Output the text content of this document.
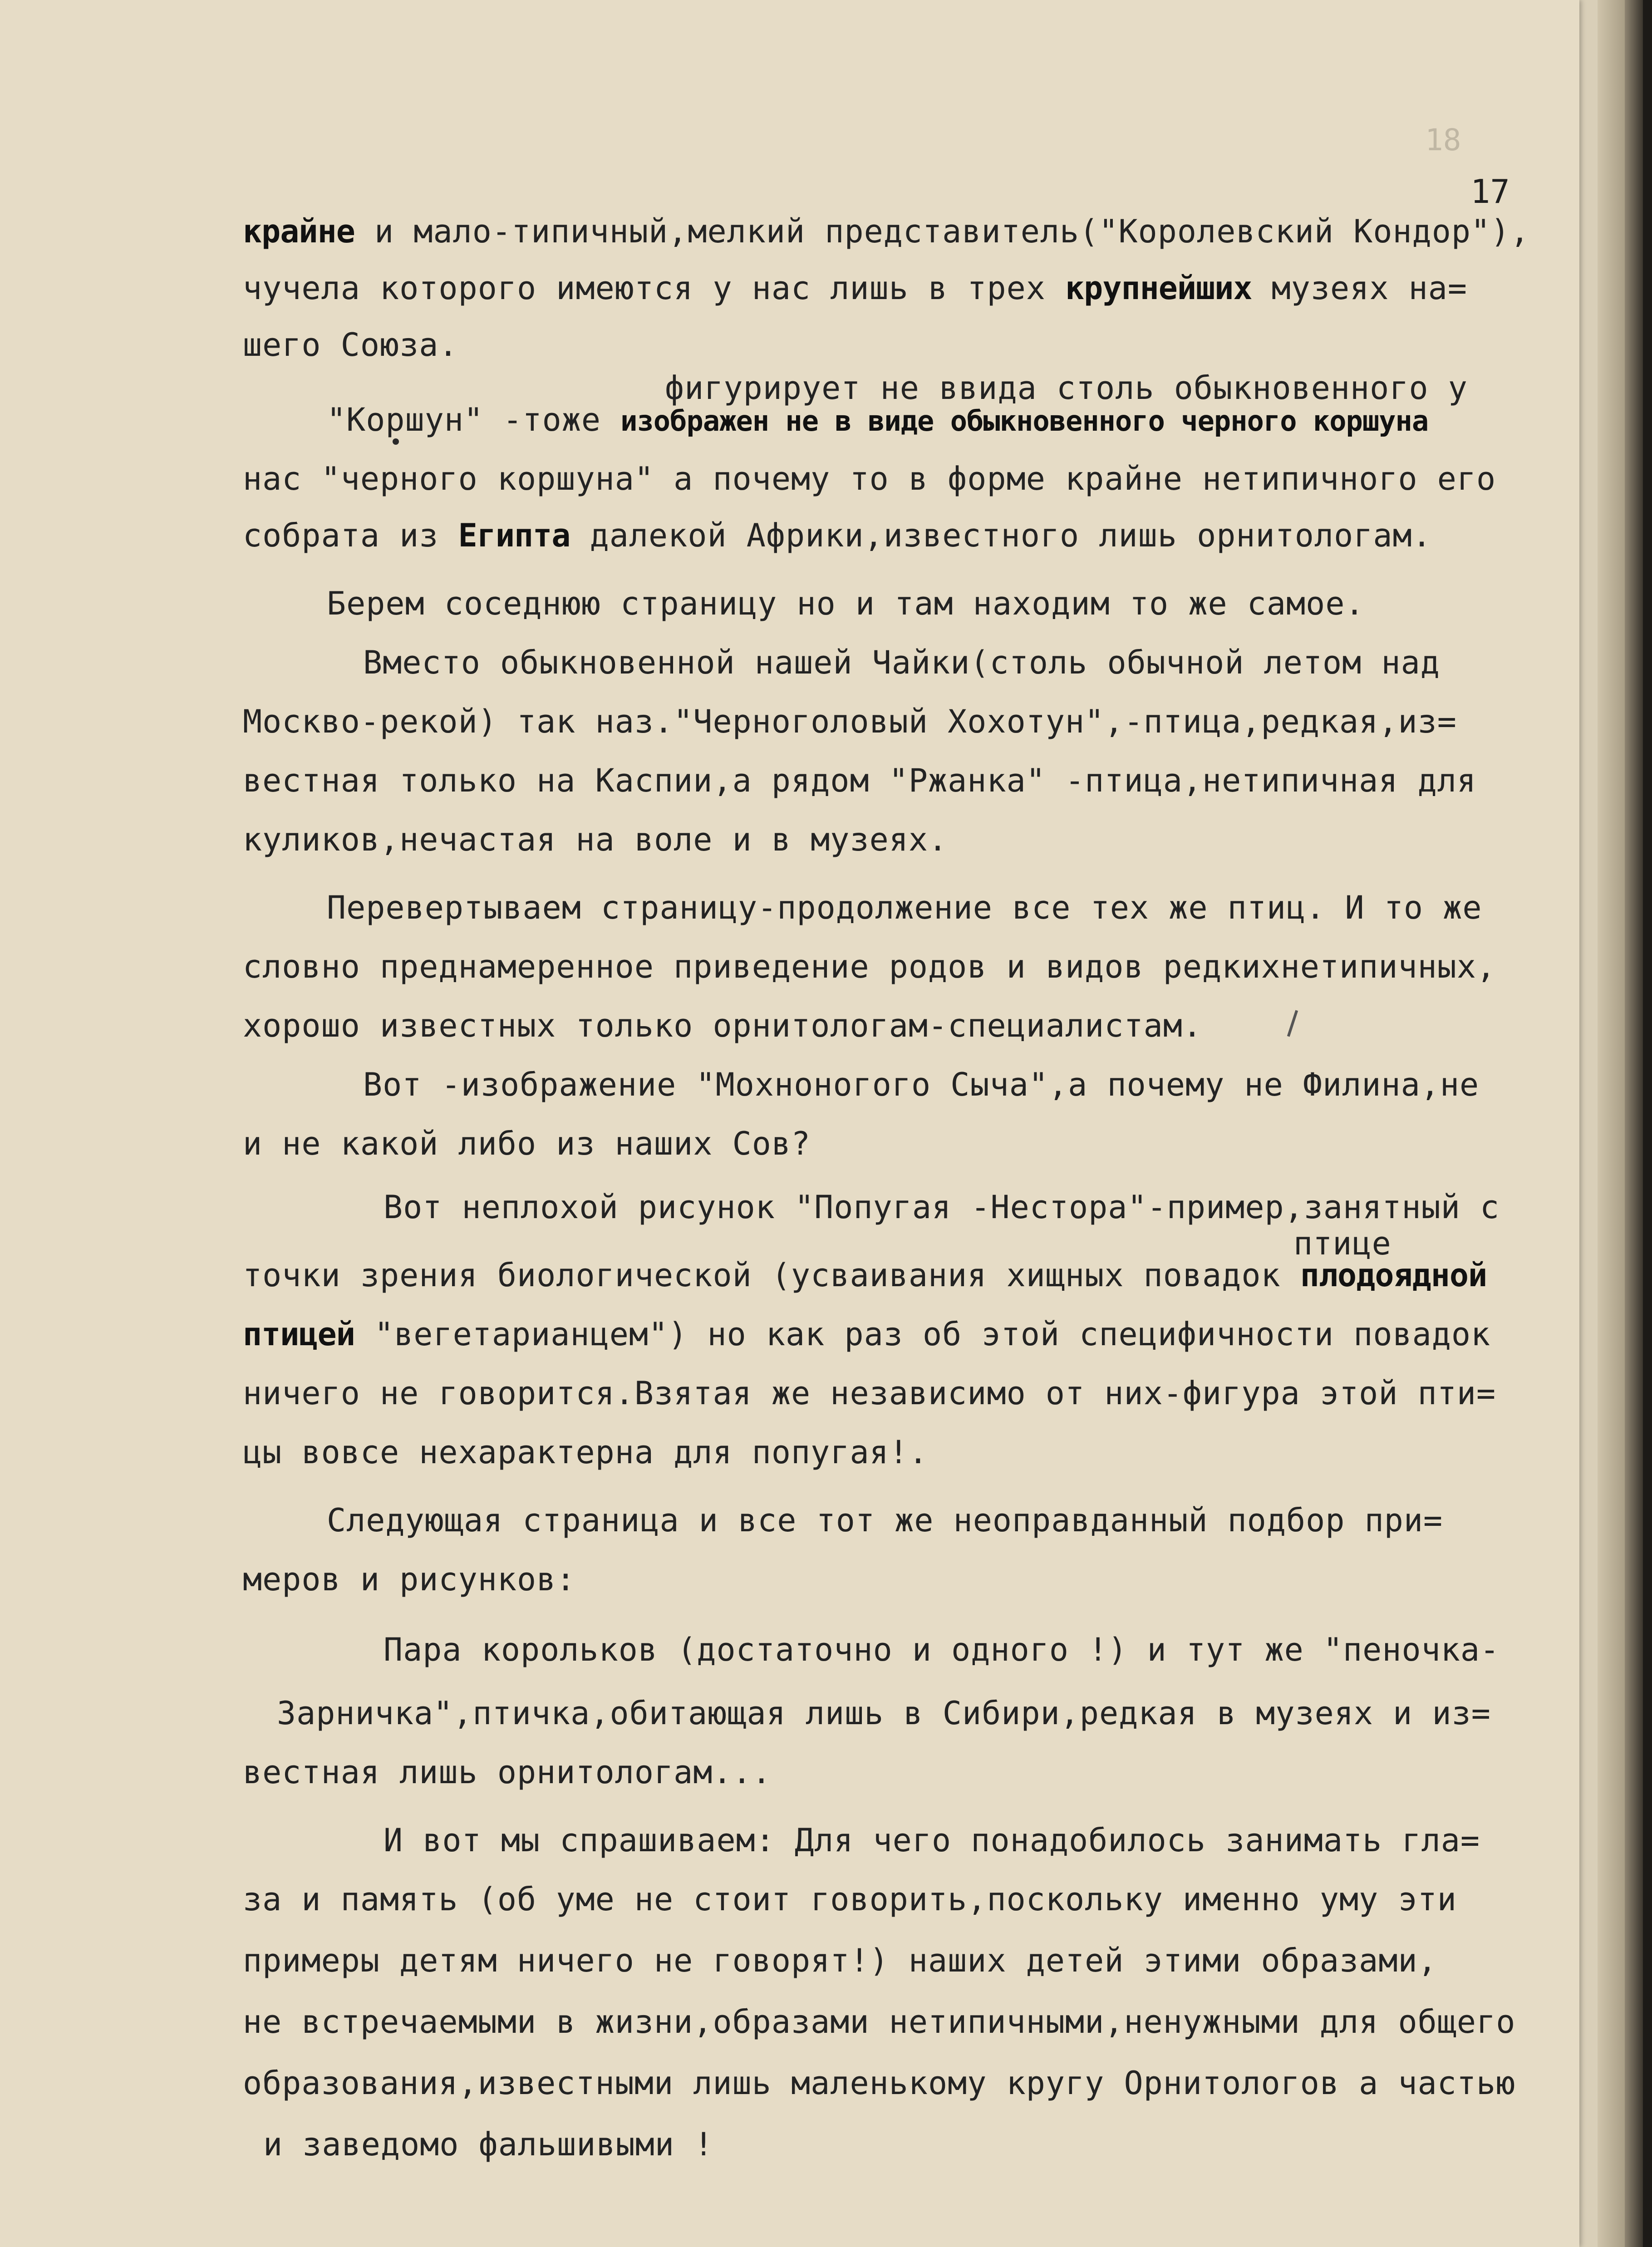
18
17
крайне и мало-типичный,мелкий представитель("Королевский Кондор"),
чучела которого имеются у нас лишь в трех крупнейших музеях на=
шего Союза.
фигурирует не ввида столь обыкновенного у
"Коршун" -тоже изображен не в виде обыкновенного черного коршуна
нас "черного коршуна" а почему то в форме крайне нетипичного его
собрата из Египта далекой Африки,известного лишь орнитологам.
Берем соседнюю страницу но и там находим то же самое.
Вместо обыкновенной нашей Чайки(столь обычной летом над
Москво-рекой) так наз."Черноголовый Хохотун",-птица,редкая,из=
вестная только на Каспии,а рядом "Ржанка" -птица,нетипичная для
куликов,нечастая на воле и в музеях.
Перевертываем страницу-продолжение все тех же птиц. И то же
словно преднамеренное приведение родов и видов редкихнетипичных,
хорошо известных только орнитологам-специалистам.
Вот -изображение "Мохноногого Сыча",а почему не Филина,не
и не какой либо из наших Сов?
Вот неплохой рисунок "Попугая -Нестора"-пример,занятный с
птице
точки зрения биологической (усваивания хищных повадок плодоядной
птицей "вегетарианцем") но как раз об этой специфичности повадок
ничего не говорится.Взятая же независимо от них-фигура этой пти=
цы вовсе нехарактерна для попугая!.
Следующая страница и все тот же неоправданный подбор при=
меров и рисунков:
Пара корольков (достаточно и одного !) и тут же "пеночка-
Зарничка",птичка,обитающая лишь в Сибири,редкая в музеях и из=
вестная лишь орнитологам...
И вот мы спрашиваем: Для чего понадобилось занимать гла=
за и память (об уме не стоит говорить,поскольку именно уму эти
примеры детям ничего не говорят!) наших детей этими образами,
не встречаемыми в жизни,образами нетипичными,ненужными для общего
образования,известными лишь маленькому кругу Орнитологов а частью
и заведомо фальшивыми !
